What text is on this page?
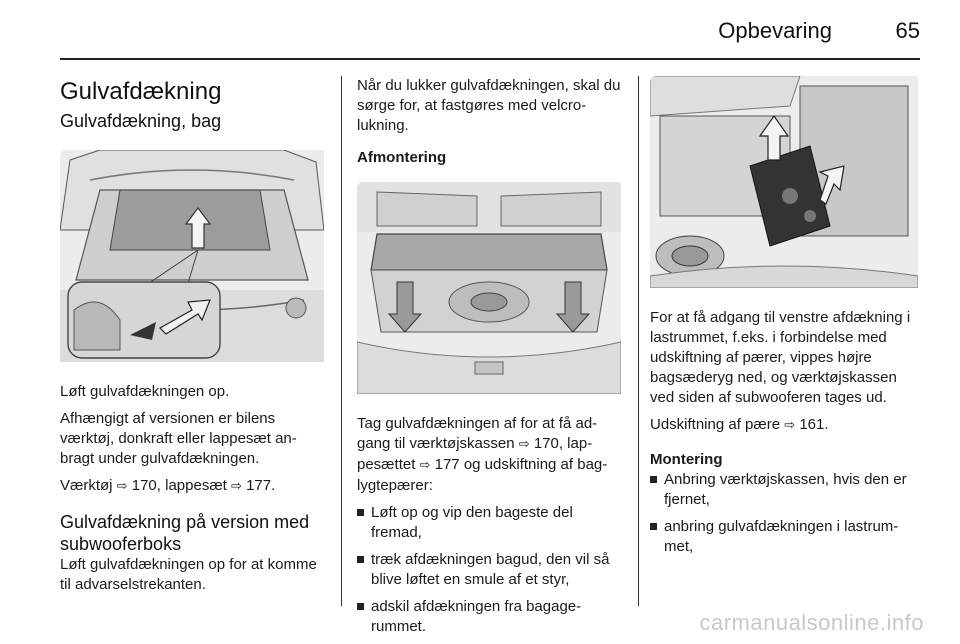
Opbevaring	65
Gulvafdækning
Gulvafdækning, bag

Løft gulvafdækningen op.

Afhængigt af versionen er bilens værktøj, donkraft eller lappesæt an-bragt under gulvafdækningen.

Værktøj ⇨ 170, lappesæt ⇨ 177.

Gulvafdækning på version med subwooferboks

Løft gulvafdækningen op for at komme til advarselstrekanten.

Når du lukker gulvafdækningen, skal du sørge for, at fastgøres med velcro-lukning.

Afmontering

Tag gulvafdækningen af for at få ad-gang til værktøjskassen ⇨ 170, lap-pesættet ⇨ 177 og udskiftning af bag-lygtepærer:

Løft op og vip den bageste del fremad,
træk afdækningen bagud, den vil så blive løftet en smule af et styr,
adskil afdækningen fra bagage-rummet.

For at få adgang til venstre afdækning i lastrummet, f.eks. i forbindelse med udskiftning af pærer, vippes højre bagsæderyg ned, og værktøjskassen ved siden af subwooferen tages ud.

Udskiftning af pære ⇨ 161.

Montering
Anbring værktøjskassen, hvis den er fjernet,
anbring gulvafdækningen i lastrum-met,
carmanualsonline.info
